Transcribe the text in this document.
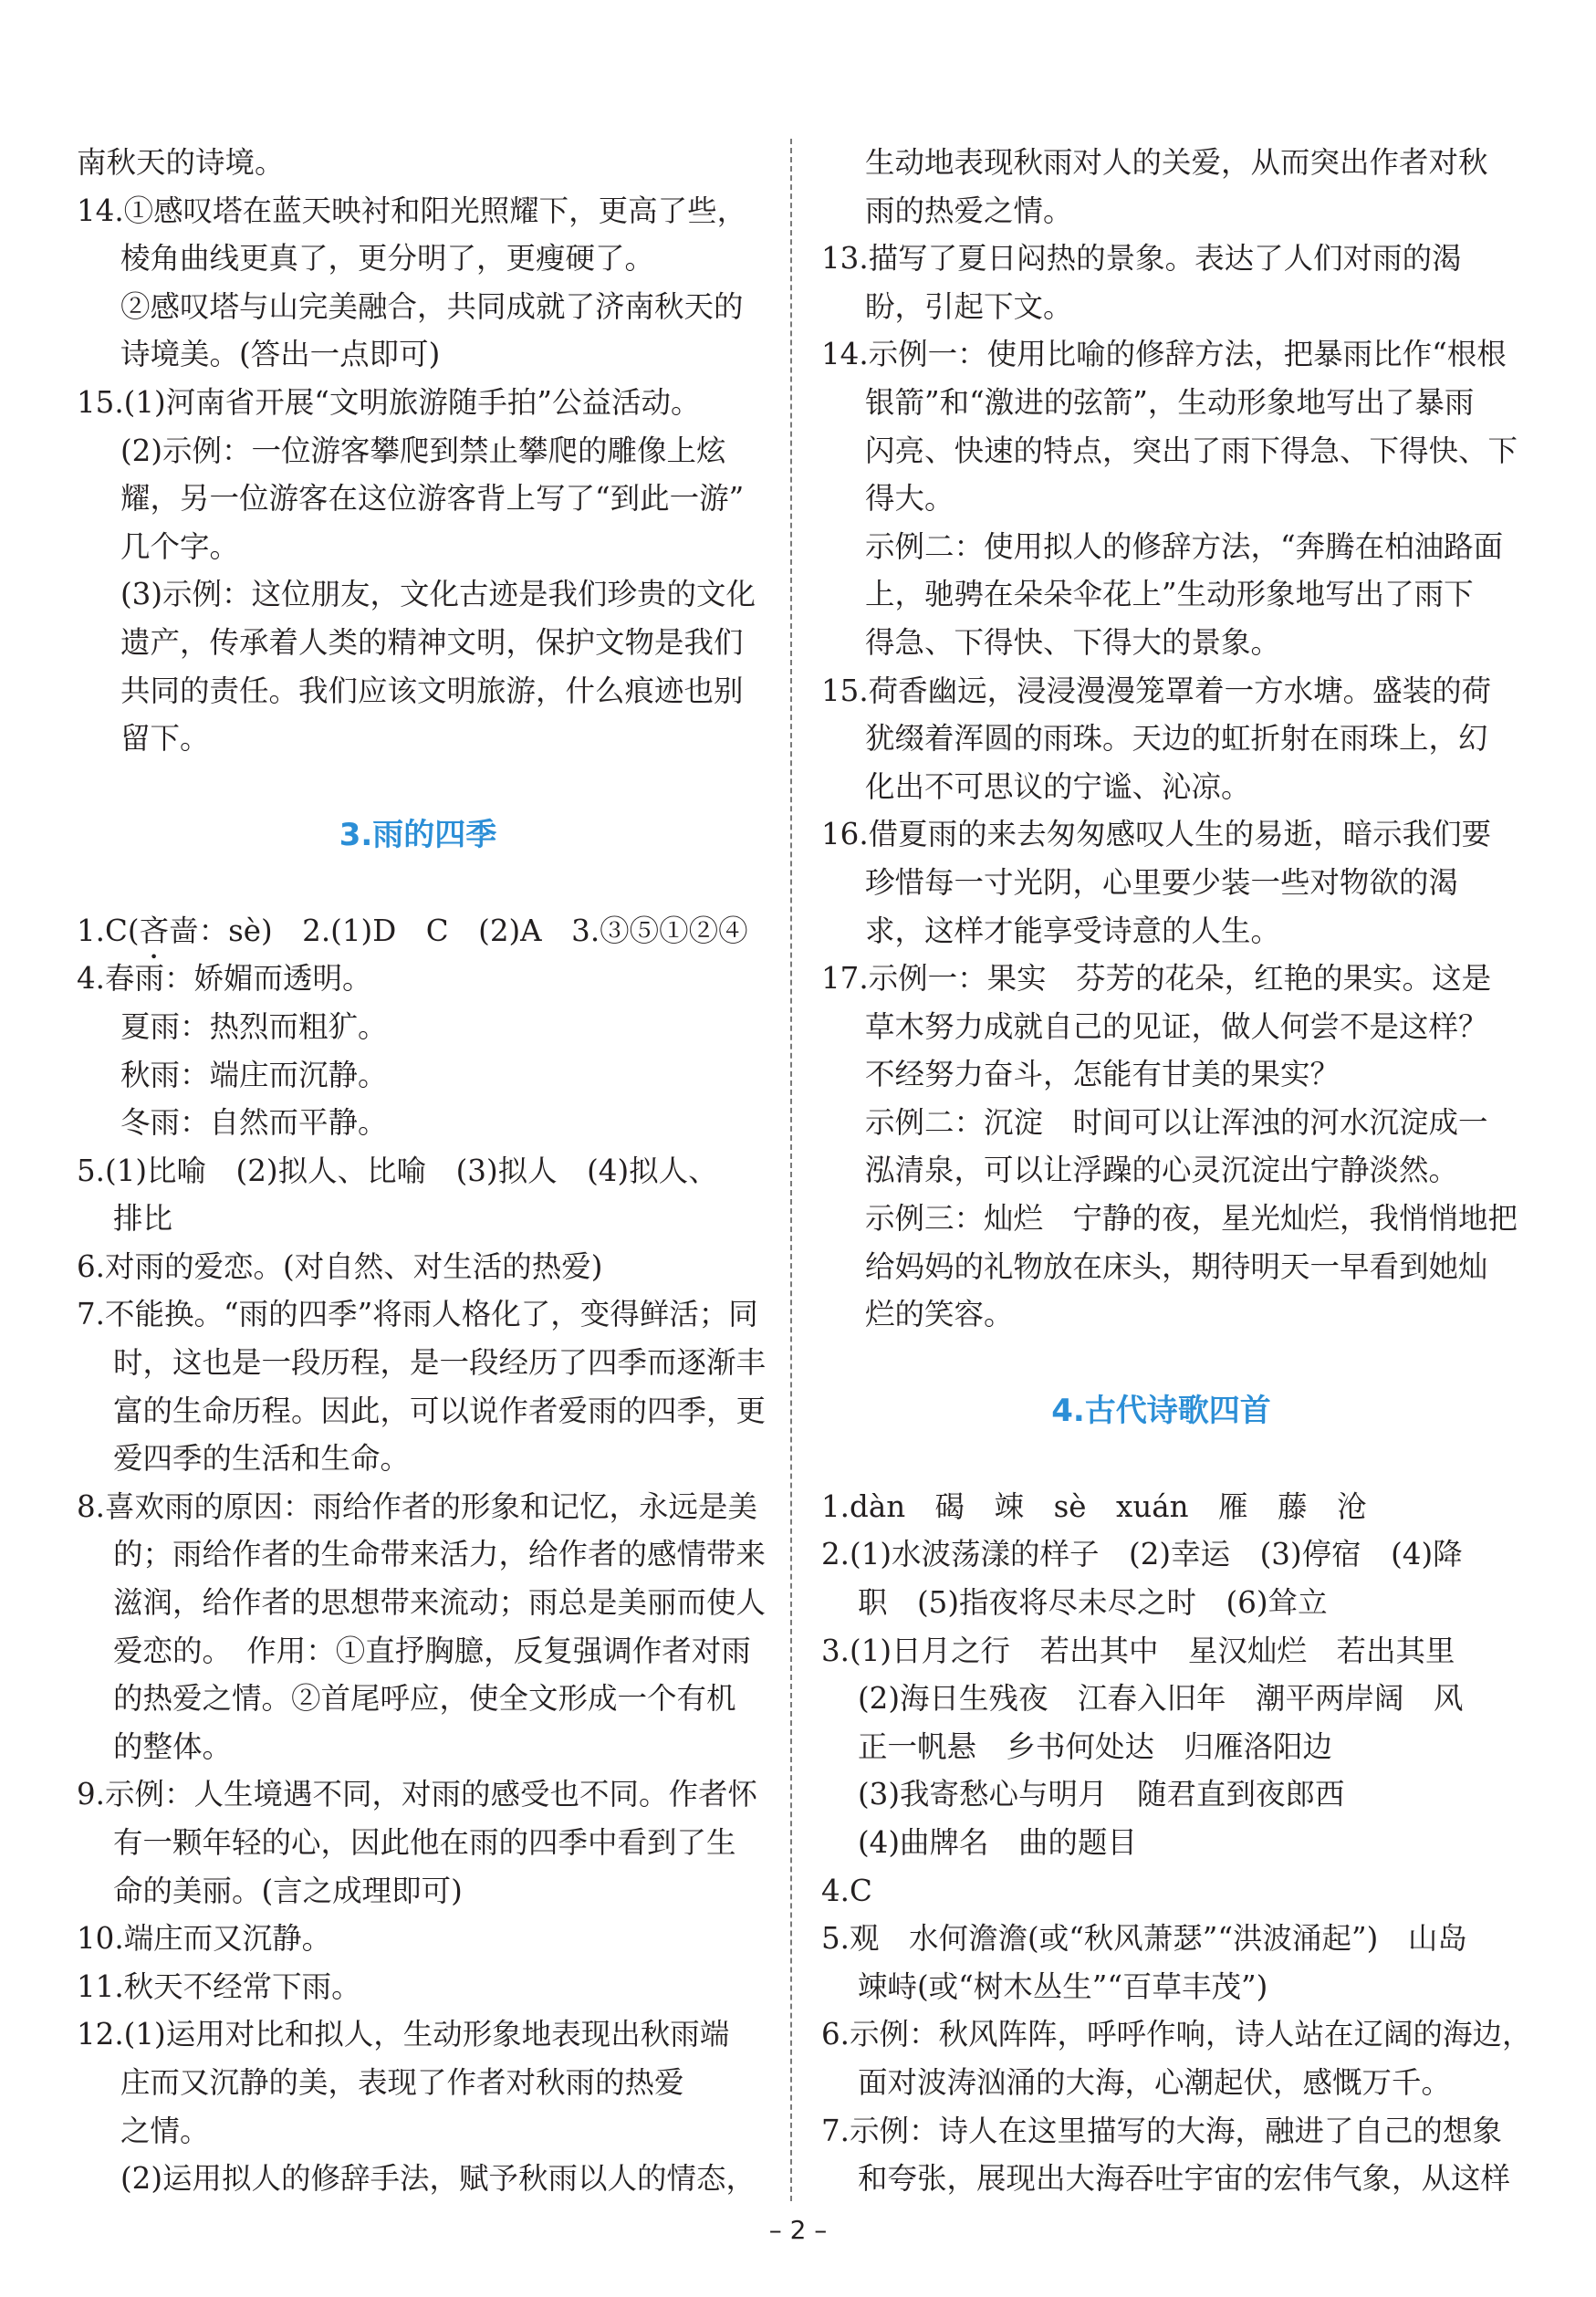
南秋天的诗境。
14.①感叹塔在蓝天映衬和阳光照耀下，更高了些，
棱角曲线更真了，更分明了，更瘦硬了。
②感叹塔与山完美融合，共同成就了济南秋天的
诗境美。(答出一点即可)
15.(1)河南省开展“文明旅游随手拍”公益活动。
(2)示例：一位游客攀爬到禁止攀爬的雕像上炫
耀，另一位游客在这位游客背上写了“到此一游”
几个字。
(3)示例：这位朋友，文化古迹是我们珍贵的文化
遗产，传承着人类的精神文明，保护文物是我们
共同的责任。我们应该文明旅游，什么痕迹也别
留下。
3.雨的四季
1.C(吝啬：sè)　2.(1)D　C　(2)A　3.③⑤①②④
4.春雨：娇媚而透明。
夏雨：热烈而粗犷。
秋雨：端庄而沉静。
冬雨：自然而平静。
5.(1)比喻　(2)拟人、比喻　(3)拟人　(4)拟人、
排比
6.对雨的爱恋。(对自然、对生活的热爱)
7.不能换。“雨的四季”将雨人格化了，变得鲜活；同
时，这也是一段历程，是一段经历了四季而逐渐丰
富的生命历程。因此，可以说作者爱雨的四季，更
爱四季的生活和生命。
8.喜欢雨的原因：雨给作者的形象和记忆，永远是美
的；雨给作者的生命带来活力，给作者的感情带来
滋润，给作者的思想带来流动；雨总是美丽而使人
爱恋的。　作用：①直抒胸臆，反复强调作者对雨
的热爱之情。②首尾呼应，使全文形成一个有机
的整体。
9.示例：人生境遇不同，对雨的感受也不同。作者怀
有一颗年轻的心，因此他在雨的四季中看到了生
命的美丽。(言之成理即可)
10.端庄而又沉静。
11.秋天不经常下雨。
12.(1)运用对比和拟人，生动形象地表现出秋雨端
庄而又沉静的美，表现了作者对秋雨的热爱
之情。
(2)运用拟人的修辞手法，赋予秋雨以人的情态，
生动地表现秋雨对人的关爱，从而突出作者对秋
雨的热爱之情。
13.描写了夏日闷热的景象。表达了人们对雨的渴
盼，引起下文。
14.示例一：使用比喻的修辞方法，把暴雨比作“根根
银箭”和“激进的弦箭”，生动形象地写出了暴雨
闪亮、快速的特点，突出了雨下得急、下得快、下
得大。
示例二：使用拟人的修辞方法，“奔腾在柏油路面
上，驰骋在朵朵伞花上”生动形象地写出了雨下
得急、下得快、下得大的景象。
15.荷香幽远，浸浸漫漫笼罩着一方水塘。盛装的荷
犹缀着浑圆的雨珠。天边的虹折射在雨珠上，幻
化出不可思议的宁谧、沁凉。
16.借夏雨的来去匆匆感叹人生的易逝，暗示我们要
珍惜每一寸光阴，心里要少装一些对物欲的渴
求，这样才能享受诗意的人生。
17.示例一：果实　芬芳的花朵，红艳的果实。这是
草木努力成就自己的见证，做人何尝不是这样？
不经努力奋斗，怎能有甘美的果实？
示例二：沉淀　时间可以让浑浊的河水沉淀成一
泓清泉，可以让浮躁的心灵沉淀出宁静淡然。
示例三：灿烂　宁静的夜，星光灿烂，我悄悄地把
给妈妈的礼物放在床头，期待明天一早看到她灿
烂的笑容。
4.古代诗歌四首
1.dàn　碣　竦　sè　xuán　雁　藤　沧
2.(1)水波荡漾的样子　(2)幸运　(3)停宿　(4)降
职　(5)指夜将尽未尽之时　(6)耸立
3.(1)日月之行　若出其中　星汉灿烂　若出其里
(2)海日生残夜　江春入旧年　潮平两岸阔　风
正一帆悬　乡书何处达　归雁洛阳边
(3)我寄愁心与明月　随君直到夜郎西
(4)曲牌名　曲的题目
4.C
5.观　水何澹澹(或“秋风萧瑟”“洪波涌起”)　山岛
竦峙(或“树木丛生”“百草丰茂”)
6.示例：秋风阵阵，呼呼作响，诗人站在辽阔的海边，
面对波涛汹涌的大海，心潮起伏，感慨万千。
7.示例：诗人在这里描写的大海，融进了自己的想象
和夸张，展现出大海吞吐宇宙的宏伟气象，从这样
– 2 –
